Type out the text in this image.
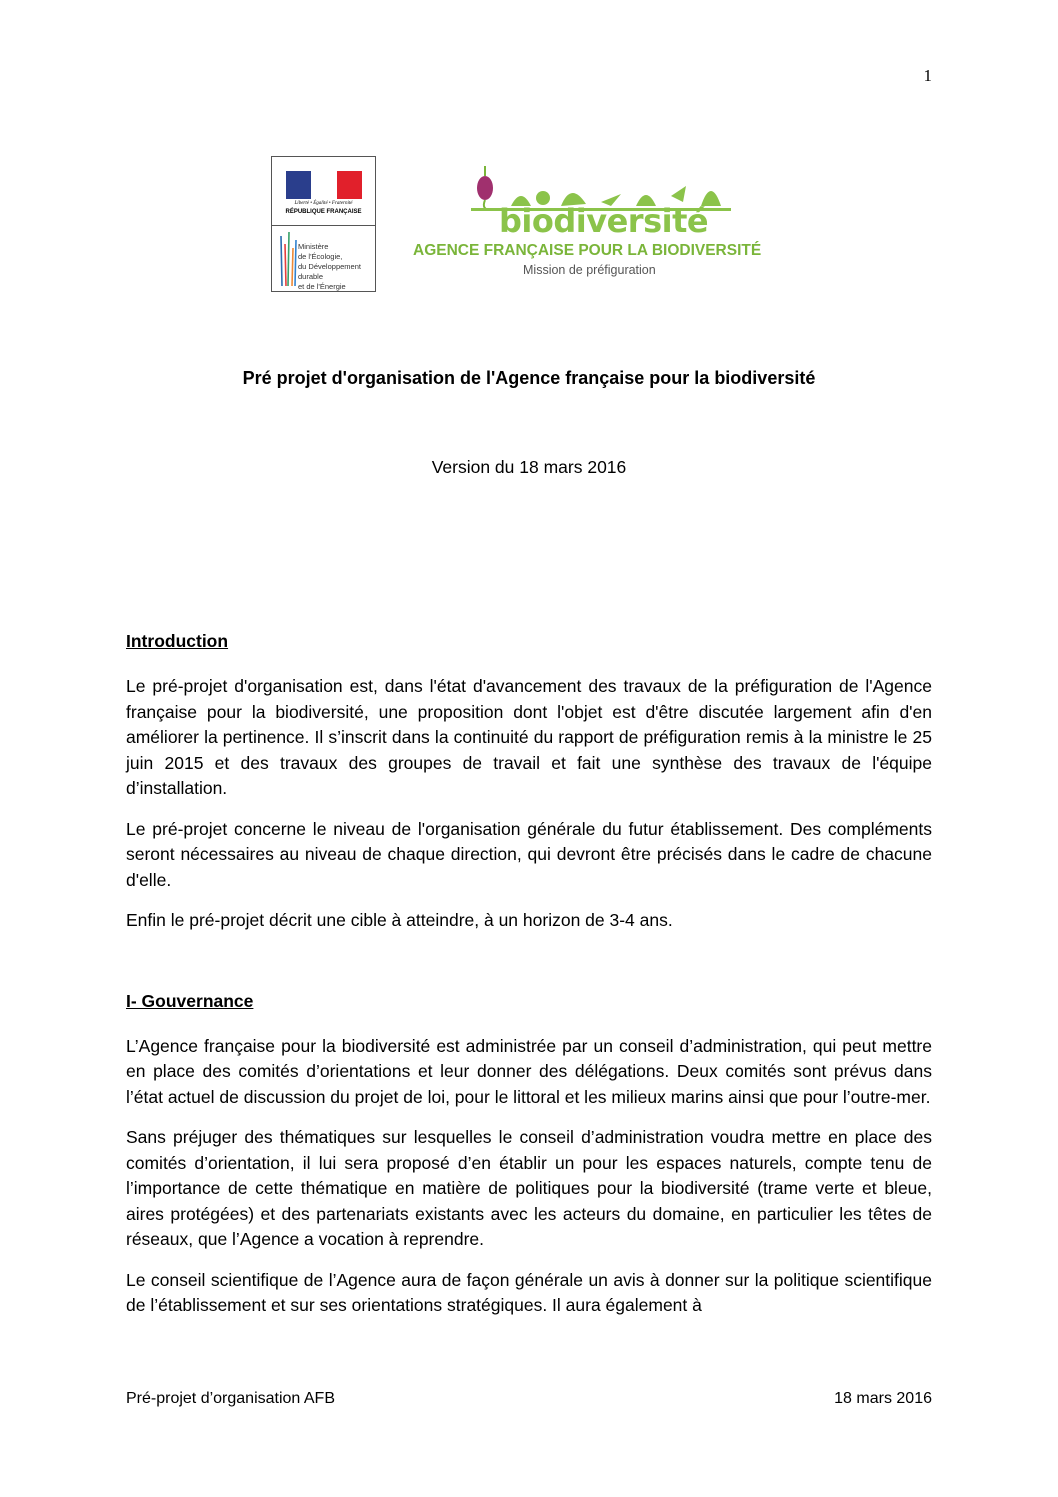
1
Liberté • Égalité • Fraternité
RÉPUBLIQUE FRANÇAISE
Ministère
de l'Écologie,
du Développement
durable
et de l'Énergie
biodiversité
AGENCE FRANÇAISE POUR LA BIODIVERSITÉ
Mission de préfiguration
Pré projet d'organisation de l'Agence française pour la biodiversité
Version du 18 mars 2016
Introduction

Le pré-projet d'organisation est, dans l'état d'avancement des travaux de la préfiguration de l'Agence française pour la biodiversité, une proposition dont l'objet est d'être discutée largement afin d'en améliorer la pertinence. Il s’inscrit dans la continuité du rapport de préfiguration remis à la ministre le 25 juin 2015 et des travaux des groupes de travail et fait une synthèse des travaux de l'équipe d’installation.

Le pré-projet concerne le niveau de l'organisation générale du futur établissement. Des compléments seront nécessaires au niveau de chaque direction, qui devront être précisés dans le cadre de chacune d'elle.

Enfin le pré-projet décrit une cible à atteindre, à un horizon de 3-4 ans.

I- Gouvernance

L’Agence française pour la biodiversité est administrée par un conseil d’administration, qui peut mettre en place des comités d’orientations et leur donner des délégations. Deux comités sont prévus dans l’état actuel de discussion du projet de loi, pour le littoral et les milieux marins ainsi que pour l’outre-mer.

Sans préjuger des thématiques sur lesquelles le conseil d’administration voudra mettre en place des comités d’orientation, il lui sera proposé d’en établir un pour les espaces naturels, compte tenu de l’importance de cette thématique en matière de politiques pour la biodiversité (trame verte et bleue, aires protégées) et des partenariats existants avec les acteurs du domaine, en particulier les têtes de réseaux, que l’Agence a vocation à reprendre.

Le conseil scientifique de l’Agence aura de façon générale un avis à donner sur la politique scientifique de l’établissement et sur ses orientations stratégiques. Il aura également à

Pré-projet d’organisation AFB	18 mars 2016
